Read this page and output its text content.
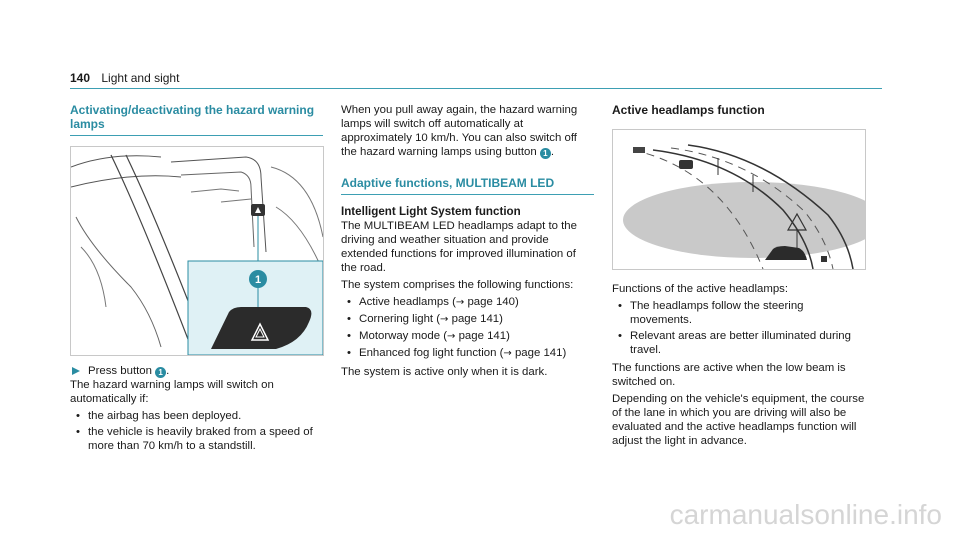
140 Light and sight
Activating/deactivating the hazard warning lamps
1
Press button 1 .

The hazard warning lamps will switch on automatically if:

• the airbag has been deployed.
• the vehicle is heavily braked from a speed of more than 70 km/h to a standstill.

When you pull away again, the hazard warning lamps will switch off automatically at approximately 10 km/h. You can also switch off the hazard warning lamps using button 1 .

Adaptive functions, MULTIBEAM LED
Intelligent Light System function

The MULTIBEAM LED headlamps adapt to the driving and weather situation and provide extended functions for improved illumination of the road.

The system comprises the following functions:

• Active headlamps (→ page 140)
• Cornering light (→ page 141)
• Motorway mode (→ page 141)
• Enhanced fog light function (→ page 141)

The system is active only when it is dark.

Active headlamps function

Functions of the active headlamps:

• The headlamps follow the steering movements.
• Relevant areas are better illuminated during travel.

The functions are active when the low beam is switched on.

Depending on the vehicle's equipment, the course of the lane in which you are driving will also be evaluated and the active headlamps function will adjust the light in advance.

carmanualsonline.info
